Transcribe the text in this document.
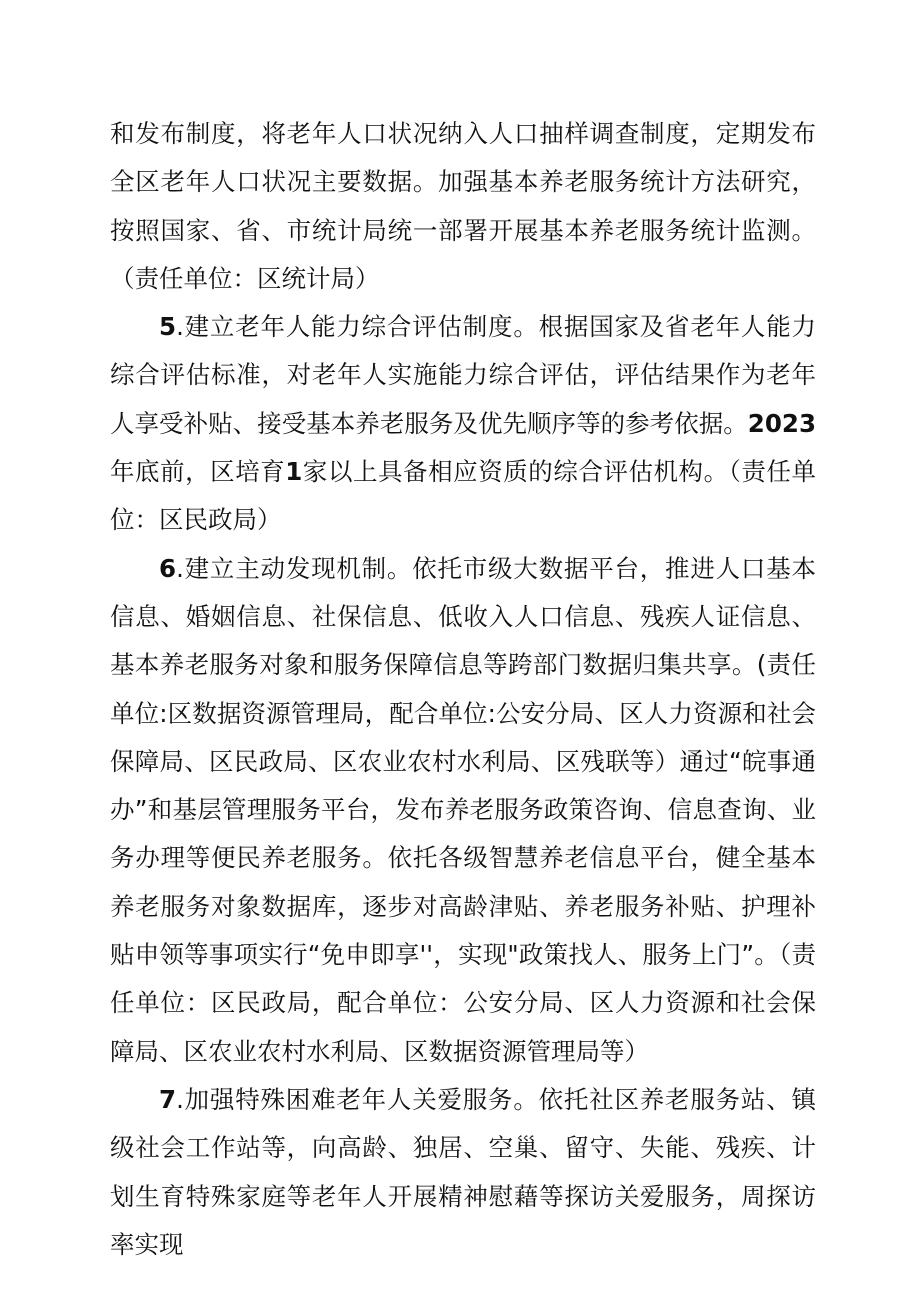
和发布制度，将老年人口状况纳入人口抽样调查制度，定期发布全区老年人口状况主要数据。加强基本养老服务统计方法研究，按照国家、省、市统计局统一部署开展基本养老服务统计监测。（责任单位：区统计局）

5.建立老年人能力综合评估制度。根据国家及省老年人能力综合评估标准，对老年人实施能力综合评估，评估结果作为老年人享受补贴、接受基本养老服务及优先顺序等的参考依据。2023年底前，区培育1家以上具备相应资质的综合评估机构。（责任单位：区民政局）

6.建立主动发现机制。依托市级大数据平台，推进人口基本信息、婚姻信息、社保信息、低收入人口信息、残疾人证信息、基本养老服务对象和服务保障信息等跨部门数据归集共享。(责任单位:区数据资源管理局，配合单位:公安分局、区人力资源和社会保障局、区民政局、区农业农村水利局、区残联等）通过“皖事通办”和基层管理服务平台，发布养老服务政策咨询、信息查询、业务办理等便民养老服务。依托各级智慧养老信息平台，健全基本养老服务对象数据库，逐步对高龄津贴、养老服务补贴、护理补贴申领等事项实行“免申即享''，实现"政策找人、服务上门”。（责任单位：区民政局，配合单位：公安分局、区人力资源和社会保障局、区农业农村水利局、区数据资源管理局等）

7.加强特殊困难老年人关爱服务。依托社区养老服务站、镇级社会工作站等，向高龄、独居、空巢、留守、失能、残疾、计划生育特殊家庭等老年人开展精神慰藉等探访关爱服务，周探访率实现
